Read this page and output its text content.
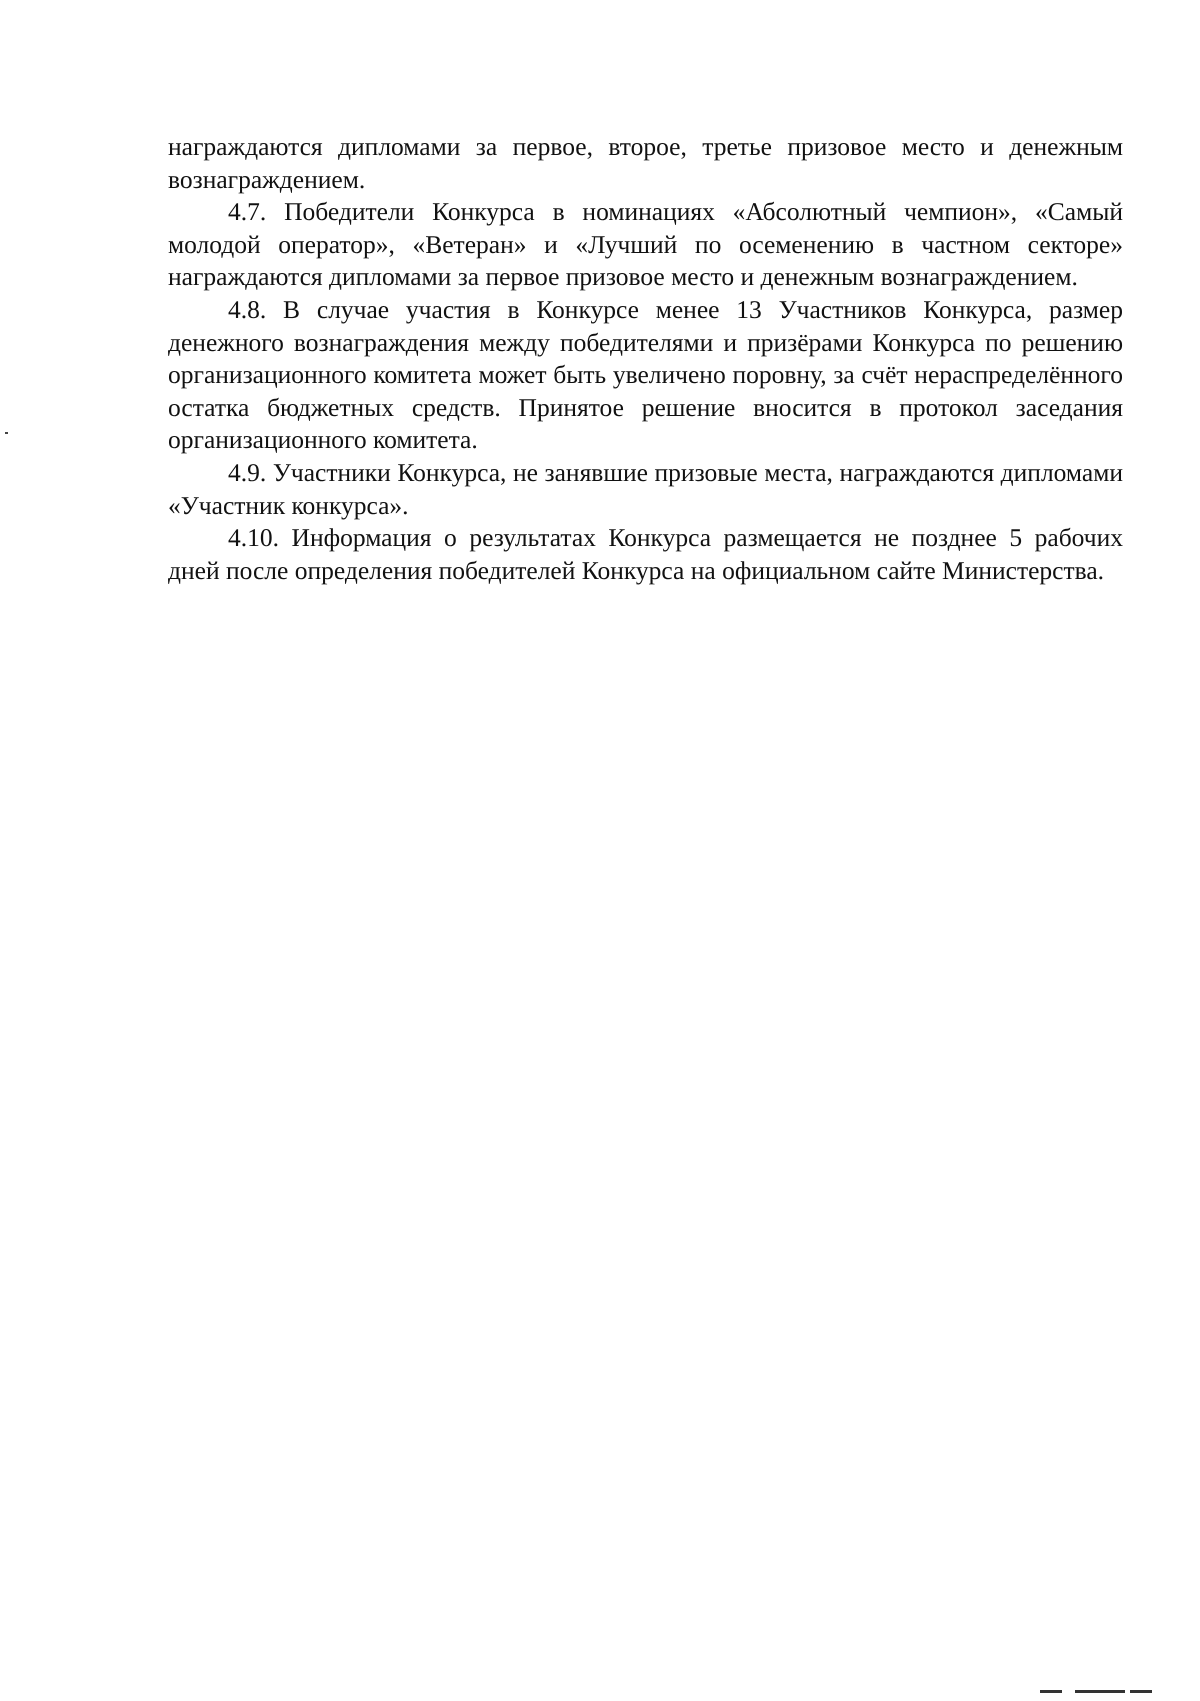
награждаются дипломами за первое, второе, третье призовое место и денежным вознаграждением.

4.7. Победители Конкурса в номинациях «Абсолютный чемпион», «Самый молодой оператор», «Ветеран» и «Лучший по осеменению в частном секторе» награждаются дипломами за первое призовое место и денежным вознаграждением.

4.8. В случае участия в Конкурсе менее 13 Участников Конкурса, размер денежного вознаграждения между победителями и призёрами Конкурса по решению организационного комитета может быть увеличено поровну, за счёт нераспределённого остатка бюджетных средств. Принятое решение вносится в протокол заседания организационного комитета.

4.9. Участники Конкурса, не занявшие призовые места, награждаются дипломами «Участник конкурса».

4.10. Информация о результатах Конкурса размещается не позднее 5 рабочих дней после определения победителей Конкурса на официальном сайте Министерства.
